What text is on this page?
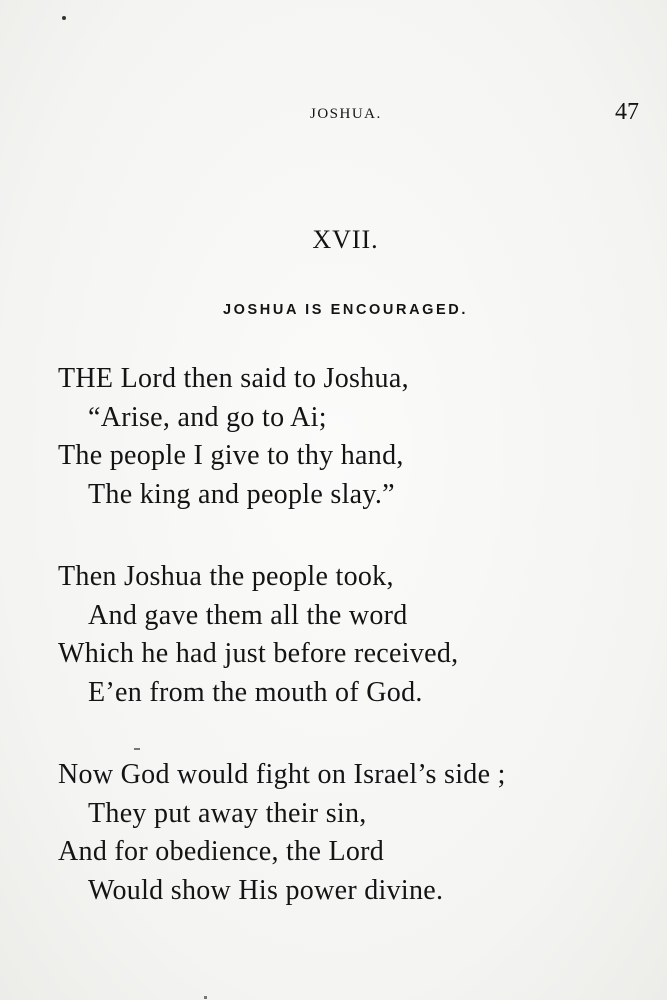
JOSHUA.	47
XVII.
JOSHUA IS ENCOURAGED.
THE Lord then said to Joshua,
“Arise, and go to Ai;
The people I give to thy hand,
The king and people slay.”
Then Joshua the people took,
And gave them all the word
Which he had just before received,
E’en from the mouth of God.
Now God would fight on Israel’s side ;
They put away their sin,
And for obedience, the Lord
Would show His power divine.
